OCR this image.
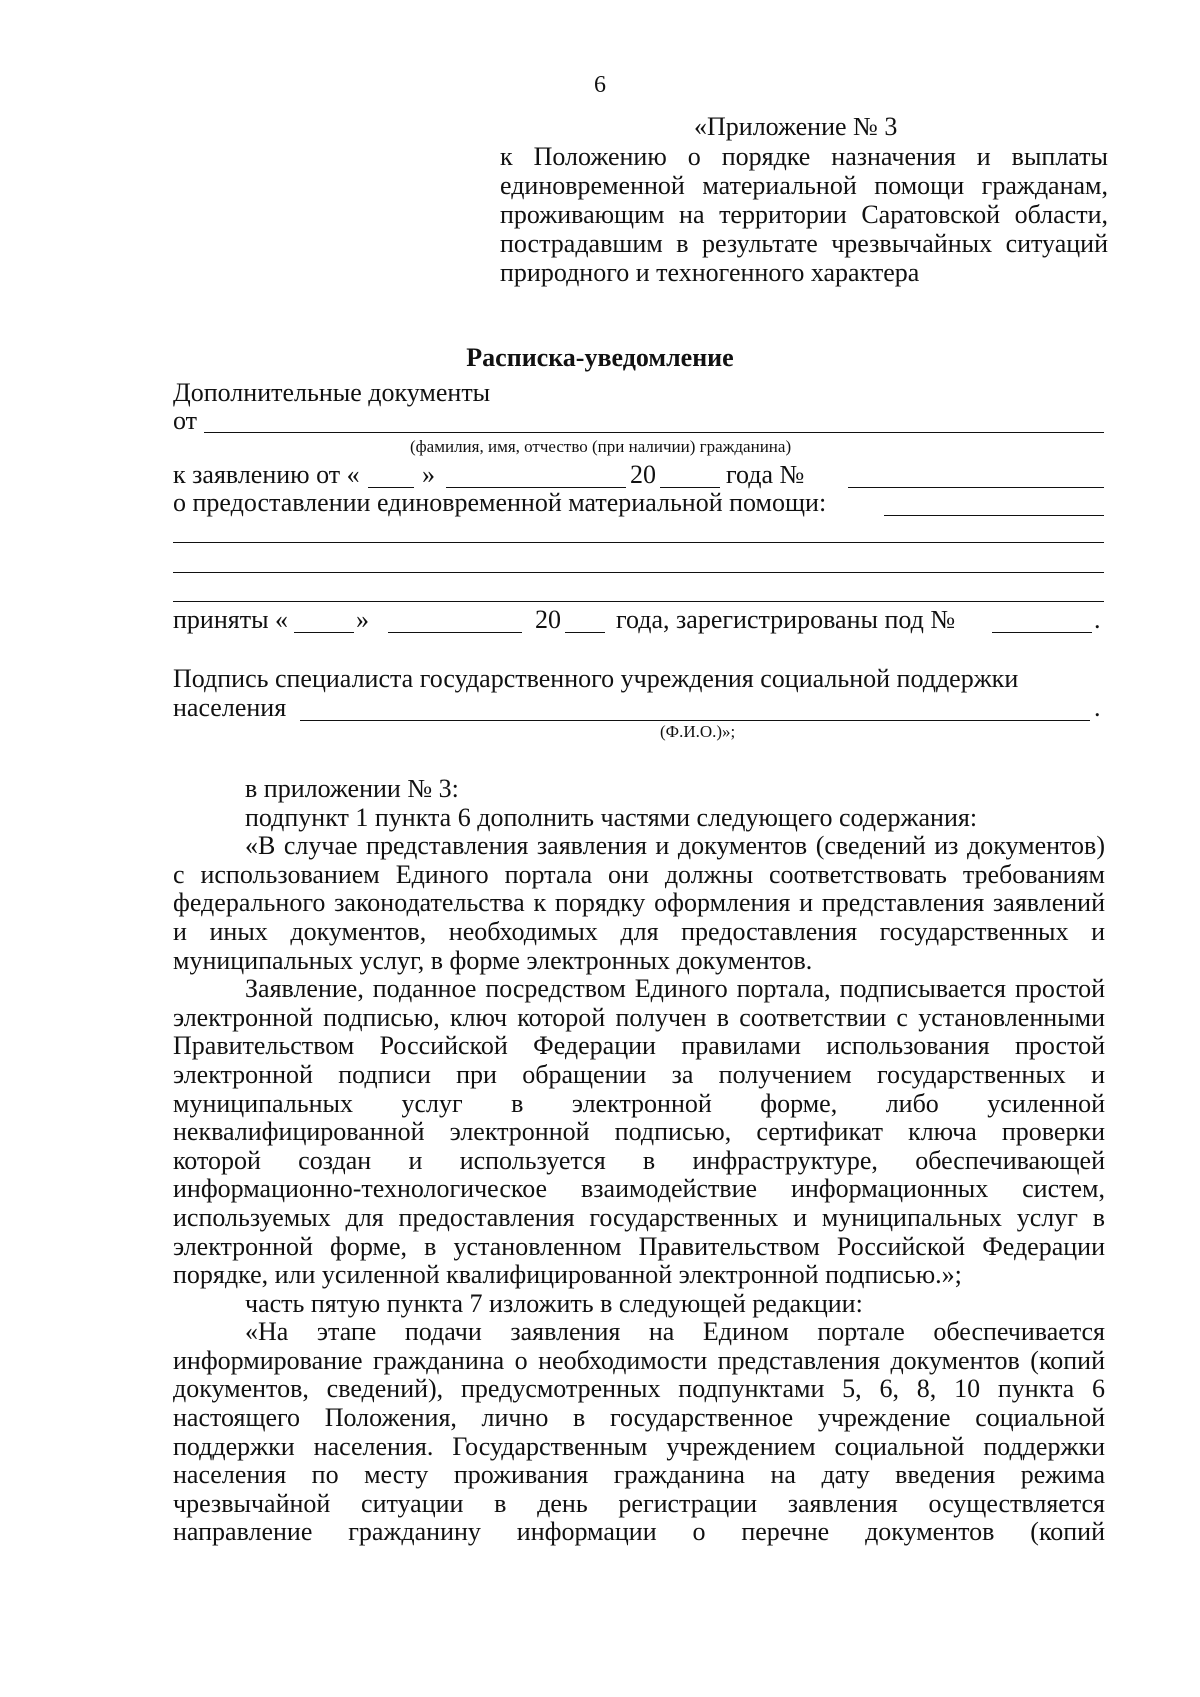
6
«Приложение № 3
к Положению о порядке назначения и выплаты единовременной материальной помощи гражданам, проживающим на территории Саратовской области, пострадавшим в результате чрезвычайных ситуаций природного и техногенного характера
Расписка-уведомление
Дополнительные документы
от
(фамилия, имя, отчество (при наличии) гражданина)
к заявлению от « »	20	года №
о предоставлении единовременной материальной помощи:
приняты «	»	20 года, зарегистрированы под №	.
Подпись специалиста государственного учреждения социальной поддержки
населения	.
(Ф.И.О.)»;

в приложении № 3:

подпункт 1 пункта 6 дополнить частями следующего содержания:

«В случае представления заявления и документов (сведений из документов) с использованием Единого портала они должны соответствовать требованиям федерального законодательства к порядку оформления и представления заявлений и иных документов, необходимых для предоставления государственных и муниципальных услуг, в форме электронных документов.

Заявление, поданное посредством Единого портала, подписывается простой электронной подписью, ключ которой получен в соответствии с установленными Правительством Российской Федерации правилами использования простой электронной подписи при обращении за получением государственных и муниципальных услуг в электронной форме, либо усиленной неквалифицированной электронной подписью, сертификат ключа проверки которой создан и используется в инфраструктуре, обеспечивающей информационно-технологическое взаимодействие информационных систем, используемых для предоставления государственных и муниципальных услуг в электронной форме, в установленном Правительством Российской Федерации порядке, или усиленной квалифицированной электронной подписью.»;

часть пятую пункта 7 изложить в следующей редакции:

«На этапе подачи заявления на Едином портале обеспечивается информирование гражданина о необходимости представления документов (копий документов, сведений), предусмотренных подпунктами 5, 6, 8, 10 пункта 6 настоящего Положения, лично в государственное учреждение социальной поддержки населения. Государственным учреждением социальной поддержки населения по месту проживания гражданина на дату введения режима чрезвычайной ситуации в день регистрации заявления осуществляется направление гражданину информации о перечне документов (копий
